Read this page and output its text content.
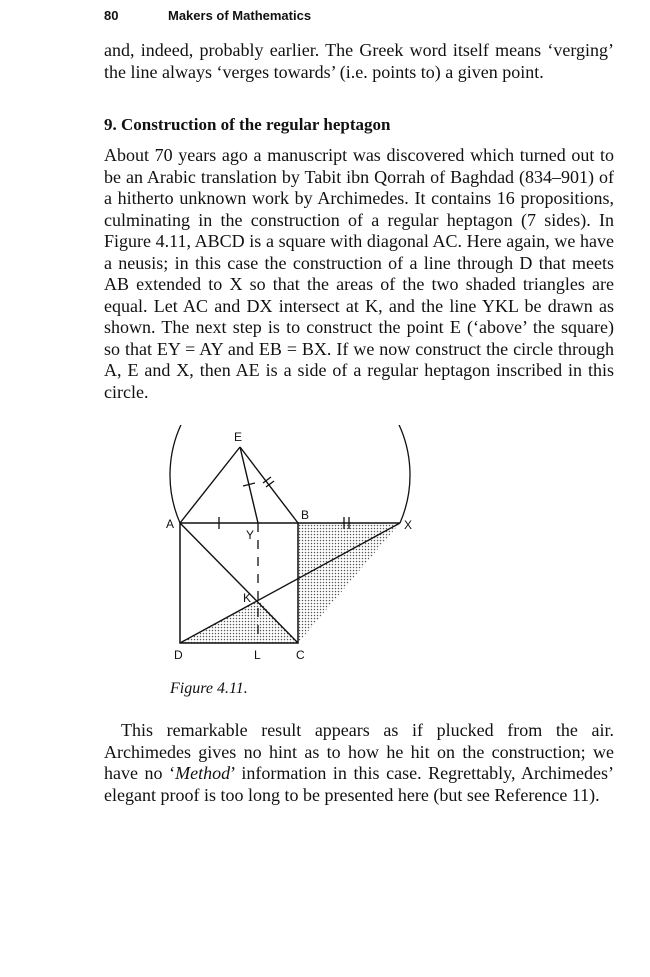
80	Makers of Mathematics

and, indeed, probably earlier. The Greek word itself means ‘verging’ the line always ‘verges towards’ (i.e. points to) a given point.

9. Construction of the regular heptagon

About 70 years ago a manuscript was discovered which turned out to be an Arabic translation by Tabit ibn Qorrah of Baghdad (834–901) of a hitherto unknown work by Archimedes. It contains 16 propositions, culminating in the construction of a regular heptagon (7 sides). In Figure 4.11, ABCD is a square with diagonal AC. Here again, we have a neusis; in this case the construction of a line through D that meets AB extended to X so that the areas of the two shaded triangles are equal. Let AC and DX intersect at K, and the line YKL be drawn as shown. The next step is to construct the point E (‘above’ the square) so that EY = AY and EB = BX. If we now construct the circle through A, E and X, then AE is a side of a regular heptagon inscribed in this circle.

E
A
B
X
Y
K
D	L	C
Figure 4.11.

This remarkable result appears as if plucked from the air. Archimedes gives no hint as to how he hit on the construction; we have no ‘Method’ information in this case. Regrettably, Archimedes’ elegant proof is too long to be presented here (but see Reference 11).
